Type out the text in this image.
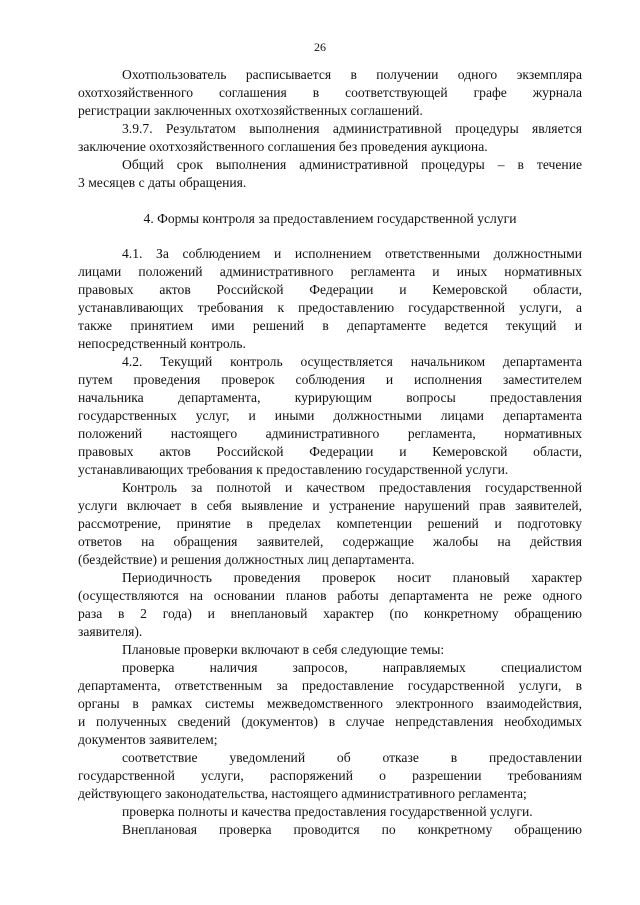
26
Охотпользователь расписывается в получении одного экземпляра
охотхозяйственного соглашения в соответствующей графе журнала
регистрации заключенных охотхозяйственных соглашений.
3.9.7. Результатом выполнения административной процедуры является
заключение охотхозяйственного соглашения без проведения аукциона.
Общий срок выполнения административной процедуры – в течение
3 месяцев с даты обращения.
4. Формы контроля за предоставлением государственной услуги
4.1. За соблюдением и исполнением ответственными должностными
лицами положений административного регламента и иных нормативных
правовых актов Российской Федерации и Кемеровской области,
устанавливающих требования к предоставлению государственной услуги, а
также принятием ими решений в департаменте ведется текущий и
непосредственный контроль.
4.2. Текущий контроль осуществляется начальником департамента
путем проведения проверок соблюдения и исполнения заместителем
начальника департамента, курирующим вопросы предоставления
государственных услуг, и иными должностными лицами департамента
положений настоящего административного регламента, нормативных
правовых актов Российской Федерации и Кемеровской области,
устанавливающих требования к предоставлению государственной услуги.
Контроль за полнотой и качеством предоставления государственной
услуги включает в себя выявление и устранение нарушений прав заявителей,
рассмотрение, принятие в пределах компетенции решений и подготовку
ответов на обращения заявителей, содержащие жалобы на действия
(бездействие) и решения должностных лиц департамента.
Периодичность проведения проверок носит плановый характер
(осуществляются на основании планов работы департамента не реже одного
раза в 2 года) и внеплановый характер (по конкретному обращению
заявителя).
Плановые проверки включают в себя следующие темы:
проверка наличия запросов, направляемых специалистом
департамента, ответственным за предоставление государственной услуги, в
органы в рамках системы межведомственного электронного взаимодействия,
и полученных сведений (документов) в случае непредставления необходимых
документов заявителем;
соответствие уведомлений об отказе в предоставлении
государственной услуги, распоряжений о разрешении требованиям
действующего законодательства, настоящего административного регламента;
проверка полноты и качества предоставления государственной услуги.
Внеплановая проверка проводится по конкретному обращению
